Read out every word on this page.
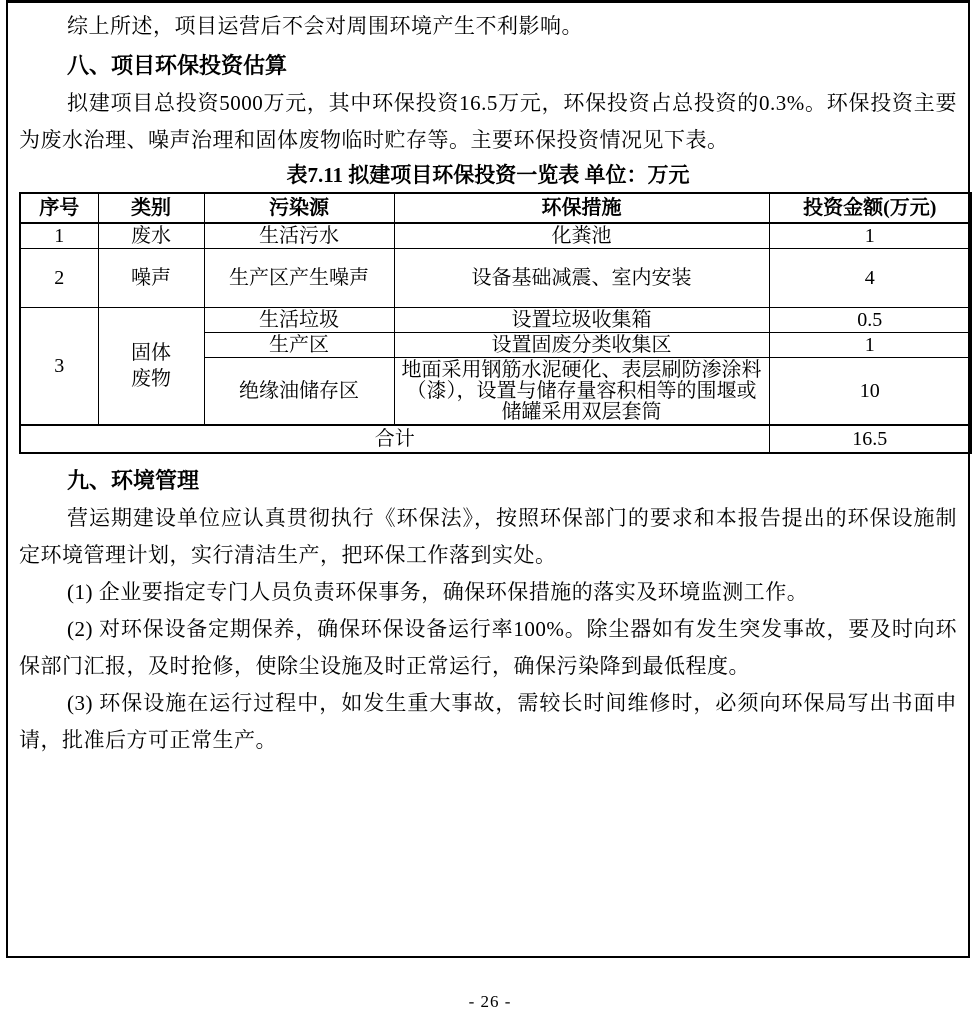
综上所述，项目运营后不会对周围环境产生不利影响。

八、项目环保投资估算

拟建项目总投资5000万元，其中环保投资16.5万元，环保投资占总投资的0.3%。环保投资主要为废水治理、噪声治理和固体废物临时贮存等。主要环保投资情况见下表。

表7.11 拟建项目环保投资一览表 单位：万元
序号	类别	污染源	环保措施	投资金额(万元)
1	废水	生活污水	化粪池	1
2	噪声	生产区产生噪声	设备基础减震、室内安装	4
3	固体废物	生活垃圾	设置垃圾收集箱	0.5
		生产区	设置固废分类收集区	1
		绝缘油储存区	地面采用钢筋水泥硬化、表层刷防渗涂料（漆），设置与储存量容积相等的围堰或储罐采用双层套筒	10
合计				16.5
九、环境管理

营运期建设单位应认真贯彻执行《环保法》，按照环保部门的要求和本报告提出的环保设施制定环境管理计划，实行清洁生产，把环保工作落到实处。

(1) 企业要指定专门人员负责环保事务，确保环保措施的落实及环境监测工作。

(2) 对环保设备定期保养，确保环保设备运行率100%。除尘器如有发生突发事故，要及时向环保部门汇报，及时抢修，使除尘设施及时正常运行，确保污染降到最低程度。

(3) 环保设施在运行过程中，如发生重大事故，需较长时间维修时，必须向环保局写出书面申请，批准后方可正常生产。

- 26 -
